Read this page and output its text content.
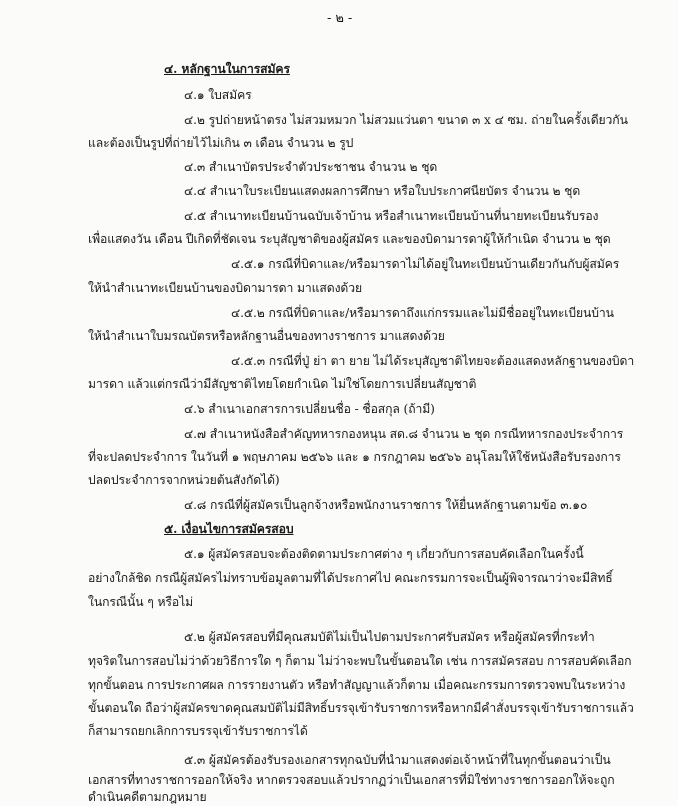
- ๒ -
๔. หลักฐานในการสมัคร
๔.๑ ใบสมัคร
๔.๒ รูปถ่ายหน้าตรง ไม่สวมหมวก ไม่สวมแว่นตา ขนาด ๓ x ๔ ซม. ถ่ายในครั้งเดียวกัน
และต้องเป็นรูปที่ถ่ายไว้ไม่เกิน ๓ เดือน จำนวน ๒ รูป
๔.๓ สำเนาบัตรประจำตัวประชาชน จำนวน ๒ ชุด
๔.๔ สำเนาใบระเบียนแสดงผลการศึกษา หรือใบประกาศนียบัตร จำนวน ๒ ชุด
๔.๕ สำเนาทะเบียนบ้านฉบับเจ้าบ้าน หรือสำเนาทะเบียนบ้านที่นายทะเบียนรับรอง
เพื่อแสดงวัน เดือน ปีเกิดที่ชัดเจน ระบุสัญชาติของผู้สมัคร และของบิดามารดาผู้ให้กำเนิด จำนวน ๒ ชุด
๔.๕.๑ กรณีที่บิดาและ/หรือมารดาไม่ได้อยู่ในทะเบียนบ้านเดียวกันกับผู้สมัคร
ให้นำสำเนาทะเบียนบ้านของบิดามารดา มาแสดงด้วย
๔.๕.๒ กรณีที่บิดาและ/หรือมารดาถึงแก่กรรมและไม่มีชื่ออยู่ในทะเบียนบ้าน
ให้นำสำเนาใบมรณบัตรหรือหลักฐานอื่นของทางราชการ มาแสดงด้วย
๔.๕.๓ กรณีที่ปู่ ย่า ตา ยาย ไม่ได้ระบุสัญชาติไทยจะต้องแสดงหลักฐานของบิดา
มารดา แล้วแต่กรณีว่ามีสัญชาติไทยโดยกำเนิด ไม่ใช่โดยการเปลี่ยนสัญชาติ
๔.๖ สำเนาเอกสารการเปลี่ยนชื่อ - ชื่อสกุล (ถ้ามี)
๔.๗ สำเนาหนังสือสำคัญทหารกองหนุน สด.๘ จำนวน ๒ ชุด กรณีทหารกองประจำการ
ที่จะปลดประจำการ ในวันที่ ๑ พฤษภาคม ๒๕๖๖ และ ๑ กรกฎาคม ๒๕๖๖ อนุโลมให้ใช้หนังสือรับรองการ
ปลดประจำการจากหน่วยต้นสังกัดได้)
๔.๘ กรณีที่ผู้สมัครเป็นลูกจ้างหรือพนักงานราชการ ให้ยื่นหลักฐานตามข้อ ๓.๑๐
๕. เงื่อนไขการสมัครสอบ
๕.๑ ผู้สมัครสอบจะต้องติดตามประกาศต่าง ๆ เกี่ยวกับการสอบคัดเลือกในครั้งนี้
อย่างใกล้ชิด กรณีผู้สมัครไม่ทราบข้อมูลตามที่ได้ประกาศไป คณะกรรมการจะเป็นผู้พิจารณาว่าจะมีสิทธิ์
ในกรณีนั้น ๆ หรือไม่
๕.๒ ผู้สมัครสอบที่มีคุณสมบัติไม่เป็นไปตามประกาศรับสมัคร หรือผู้สมัครที่กระทำ
ทุจริตในการสอบไม่ว่าด้วยวิธีการใด ๆ ก็ตาม ไม่ว่าจะพบในขั้นตอนใด เช่น การสมัครสอบ การสอบคัดเลือก
ทุกขั้นตอน การประกาศผล การรายงานตัว หรือทำสัญญาแล้วก็ตาม เมื่อคณะกรรมการตรวจพบในระหว่าง
ขั้นตอนใด ถือว่าผู้สมัครขาดคุณสมบัติไม่มีสิทธิ์บรรจุเข้ารับราชการหรือหากมีคำสั่งบรรจุเข้ารับราชการแล้ว
ก็สามารถยกเลิกการบรรจุเข้ารับราชการได้
๕.๓ ผู้สมัครต้องรับรองเอกสารทุกฉบับที่นำมาแสดงต่อเจ้าหน้าที่ในทุกขั้นตอนว่าเป็น
เอกสารที่ทางราชการออกให้จริง หากตรวจสอบแล้วปรากฏว่าเป็นเอกสารที่มิใช่ทางราชการออกให้จะถูก
ดำเนินคดีตามกฎหมาย
